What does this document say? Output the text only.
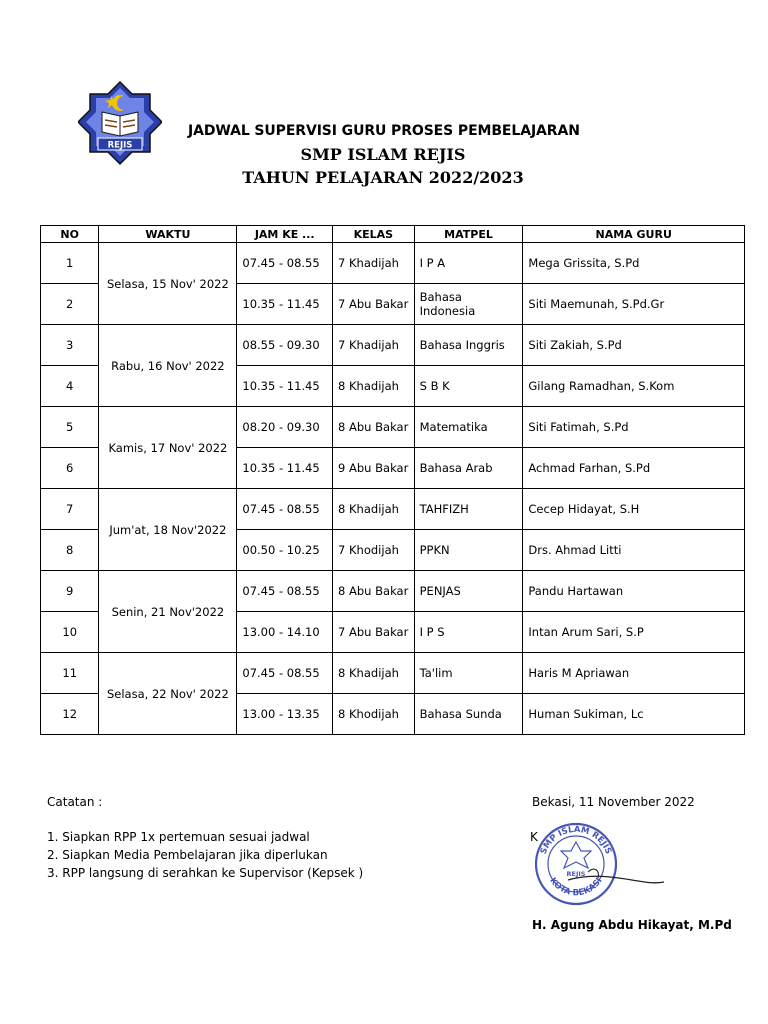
REJIS
JADWAL SUPERVISI GURU PROSES PEMBELAJARAN
SMP ISLAM REJIS
TAHUN PELAJARAN 2022/2023
NO	WAKTU	JAM KE ...	KELAS	MATPEL	NAMA GURU
1	Selasa, 15 Nov' 2022	07.45 - 08.55	7 Khadijah	I P A	Mega Grissita, S.Pd
2		10.35 - 11.45	7 Abu Bakar	Bahasa Indonesia	Siti Maemunah, S.Pd.Gr
3	Rabu, 16 Nov' 2022	08.55 - 09.30	7 Khadijah	Bahasa Inggris	Siti Zakiah, S.Pd
4		10.35 - 11.45	8 Khadijah	S B K	Gilang Ramadhan, S.Kom
5	Kamis, 17 Nov' 2022	08.20 - 09.30	8 Abu Bakar	Matematika	Siti Fatimah, S.Pd
6		10.35 - 11.45	9 Abu Bakar	Bahasa Arab	Achmad Farhan, S.Pd
7	Jum'at, 18 Nov'2022	07.45 - 08.55	8 Khadijah	TAHFIZH	Cecep Hidayat, S.H
8		00.50 - 10.25	7 Khodijah	PPKN	Drs. Ahmad Litti
9	Senin, 21 Nov'2022	07.45 - 08.55	8 Abu Bakar	PENJAS	Pandu Hartawan
10		13.00 - 14.10	7 Abu Bakar	I P S	Intan Arum Sari, S.P
11	Selasa, 22 Nov' 2022	07.45 - 08.55	8 Khadijah	Ta'lim	Haris M Apriawan
12		13.00 - 13.35	8 Khodijah	Bahasa Sunda	Human Sukiman, Lc
Catatan :
1. Siapkan RPP 1x pertemuan sesuai jadwal
2. Siapkan Media Pembelajaran jika diperlukan
3. RPP langsung di serahkan ke Supervisor (Kepsek )
Bekasi, 11 November 2022
K
SMP ISLAM REJIS
KOTA BEKASI
REJIS
H. Agung Abdu Hikayat, M.Pd
